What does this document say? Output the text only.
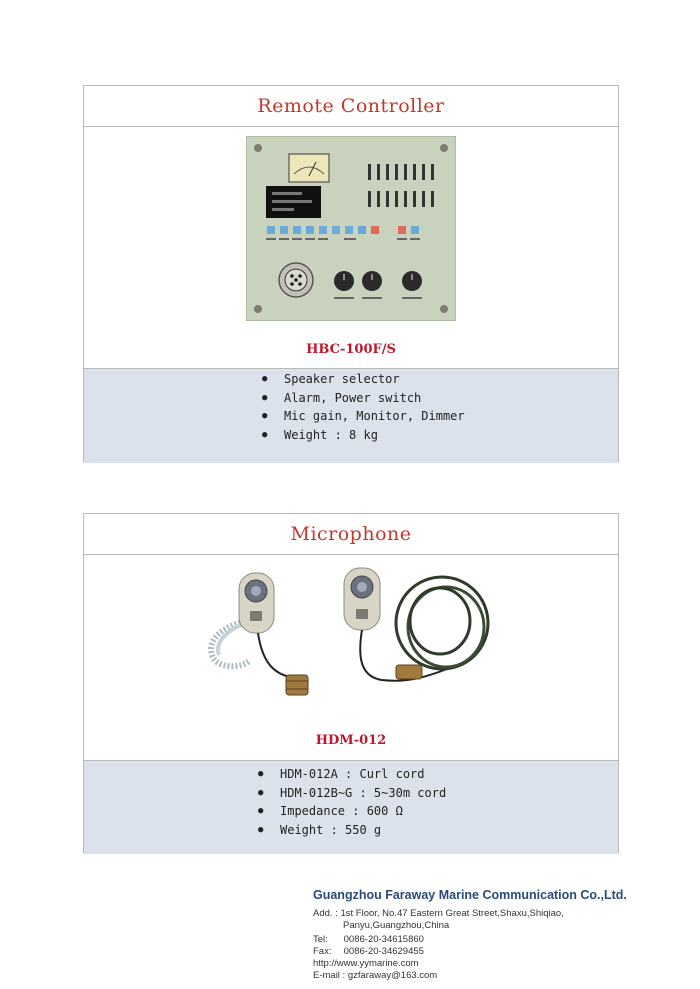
Remote Controller
HBC-100F/S
● Speaker selector
● Alarm, Power switch
● Mic gain, Monitor, Dimmer
● Weight : 8 kg
Microphone
HDM-012
● HDM-012A : Curl cord
● HDM-012B~G : 5~30m cord
● Impedance : 600 Ω
● Weight : 550 g
Guangzhou Faraway Marine Communication Co.,Ltd.
Add. : 1st Floor, No.47 Eastern Great Street,Shaxu,Shiqiao,
Panyu,Guangzhou,China
Tel: 0086-20-34615860
Fax: 0086-20-34629455
http://www.yymarine.com
E-mail : gzfaraway@163.com
